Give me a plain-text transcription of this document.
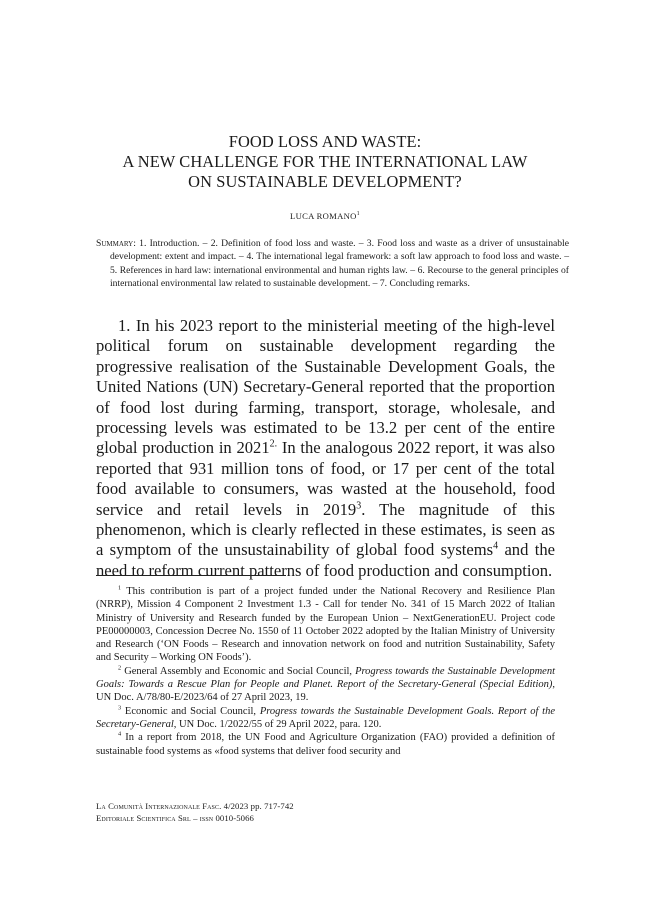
FOOD LOSS AND WASTE:
A NEW CHALLENGE FOR THE INTERNATIONAL LAW
ON SUSTAINABLE DEVELOPMENT?
LUCA ROMANO$^1$
Summary: 1. Introduction. – 2. Definition of food loss and waste. – 3. Food loss and waste as a driver of unsustainable development: extent and impact. – 4. The international legal framework: a soft law approach to food loss and waste. – 5. References in hard law: international environmental and human rights law. – 6. Recourse to the general principles of international environmental law related to sustainable development. – 7. Concluding remarks.
1. In his 2023 report to the ministerial meeting of the high-level political forum on sustainable development regarding the progressive realisation of the Sustainable Development Goals, the United Nations (UN) Secretary-General reported that the proportion of food lost during farming, transport, storage, wholesale, and processing levels was estimated to be 13.2 per cent of the entire global production in $2021^{2.}$ In the analogous 2022 report, it was also reported that 931 million tons of food, or 17 per cent of the total food available to consumers, was wasted at the household, food service and retail levels in 2019$^3$. The magnitude of this phenomenon, which is clearly reflected in these estimates, is seen as a symptom of the unsustainability of global food systems$^4$ and the need to reform current patterns of food production and consumption.

$^1$ This contribution is part of a project funded under the National Recovery and Resilience Plan (NRRP), Mission 4 Component 2 Investment 1.3 - Call for tender No. 341 of 15 March 2022 of Italian Ministry of University and Research funded by the European Union – NextGenerationEU. Project code PE00000003, Concession Decree No. 1550 of 11 October 2022 adopted by the Italian Ministry of University and Research (‘ON Foods – Research and innovation network on food and nutrition Sustainability, Safety and Security – Working ON Foods’).

$^2$ General Assembly and Economic and Social Council, Progress towards the Sustainable Development Goals: Towards a Rescue Plan for People and Planet. Report of the Secretary-General (Special Edition), UN Doc. A/78/80-E/2023/64 of 27 April 2023, 19.

$^3$ Economic and Social Council, Progress towards the Sustainable Development Goals. Report of the Secretary-General, UN Doc. 1/2022/55 of 29 April 2022, para. 120.

$^4$ In a report from 2018, the UN Food and Agriculture Organization (FAO) provided a definition of sustainable food systems as «food systems that deliver food security and

La Comunità Internazionale Fasc. 4/2023 pp. 717-742
Editoriale Scientifica Srl – issn 0010-5066
